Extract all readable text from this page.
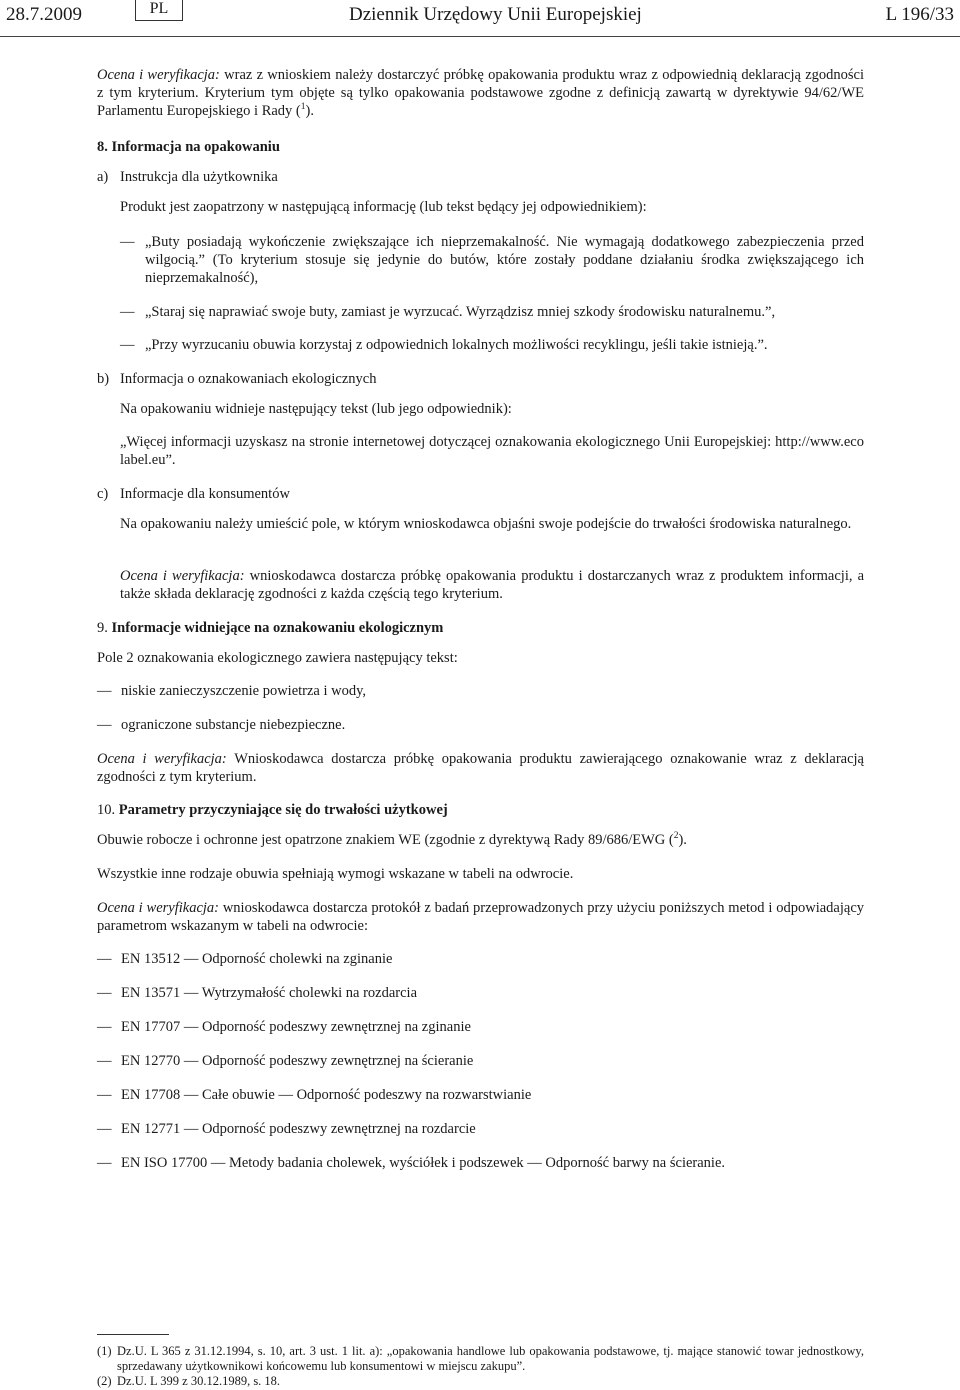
28.7.2009	PL	Dziennik Urzędowy Unii Europejskiej	L 196/33
Ocena i weryfikacja: wraz z wnioskiem należy dostarczyć próbkę opakowania produktu wraz z odpowiednią deklaracją zgodności z tym kryterium. Kryterium tym objęte są tylko opakowania podstawowe zgodne z definicją zawartą w dyrektywie 94/62/WE Parlamentu Europejskiego i Rady ($^1$).
8. Informacja na opakowaniu
a) Instrukcja dla użytkownika
Produkt jest zaopatrzony w następującą informację (lub tekst będący jej odpowiednikiem):
— „Buty posiadają wykończenie zwiększające ich nieprzemakalność. Nie wymagają dodatkowego zabezpieczenia przed wilgocią.” (To kryterium stosuje się jedynie do butów, które zostały poddane działaniu środka zwiększającego ich nieprzemakalność),
— „Staraj się naprawiać swoje buty, zamiast je wyrzucać. Wyrządzisz mniej szkody środowisku naturalnemu.”,
— „Przy wyrzucaniu obuwia korzystaj z odpowiednich lokalnych możliwości recyklingu, jeśli takie istnieją.”.
b) Informacja o oznakowaniach ekologicznych
Na opakowaniu widnieje następujący tekst (lub jego odpowiednik):
„Więcej informacji uzyskasz na stronie internetowej dotyczącej oznakowania ekologicznego Unii Europejskiej: http://www.ecolabel.eu”.
c) Informacje dla konsumentów
Na opakowaniu należy umieścić pole, w którym wnioskodawca objaśni swoje podejście do trwałości środowiska naturalnego.
Ocena i weryfikacja: wnioskodawca dostarcza próbkę opakowania produktu i dostarczanych wraz z produktem informacji, a także składa deklarację zgodności z każda częścią tego kryterium.
9. Informacje widniejące na oznakowaniu ekologicznym
Pole 2 oznakowania ekologicznego zawiera następujący tekst:
— niskie zanieczyszczenie powietrza i wody,
— ograniczone substancje niebezpieczne.
Ocena i weryfikacja: Wnioskodawca dostarcza próbkę opakowania produktu zawierającego oznakowanie wraz z deklaracją zgodności z tym kryterium.
10. Parametry przyczyniające się do trwałości użytkowej
Obuwie robocze i ochronne jest opatrzone znakiem WE (zgodnie z dyrektywą Rady 89/686/EWG ($^2$).
Wszystkie inne rodzaje obuwia spełniają wymogi wskazane w tabeli na odwrocie.
Ocena i weryfikacja: wnioskodawca dostarcza protokół z badań przeprowadzonych przy użyciu poniższych metod i odpowiadający parametrom wskazanym w tabeli na odwrocie:
— EN 13512 — Odporność cholewki na zginanie
— EN 13571 — Wytrzymałość cholewki na rozdarcia
— EN 17707 — Odporność podeszwy zewnętrznej na zginanie
— EN 12770 — Odporność podeszwy zewnętrznej na ścieranie
— EN 17708 — Całe obuwie — Odporność podeszwy na rozwarstwianie
— EN 12771 — Odporność podeszwy zewnętrznej na rozdarcie
— EN ISO 17700 — Metody badania cholewek, wyściółek i podszewek — Odporność barwy na ścieranie.
(1) Dz.U. L 365 z 31.12.1994, s. 10, art. 3 ust. 1 lit. a): „opakowania handlowe lub opakowania podstawowe, tj. mające stanowić towar jednostkowy, sprzedawany użytkownikowi końcowemu lub konsumentowi w miejscu zakupu”.
(2) Dz.U. L 399 z 30.12.1989, s. 18.
